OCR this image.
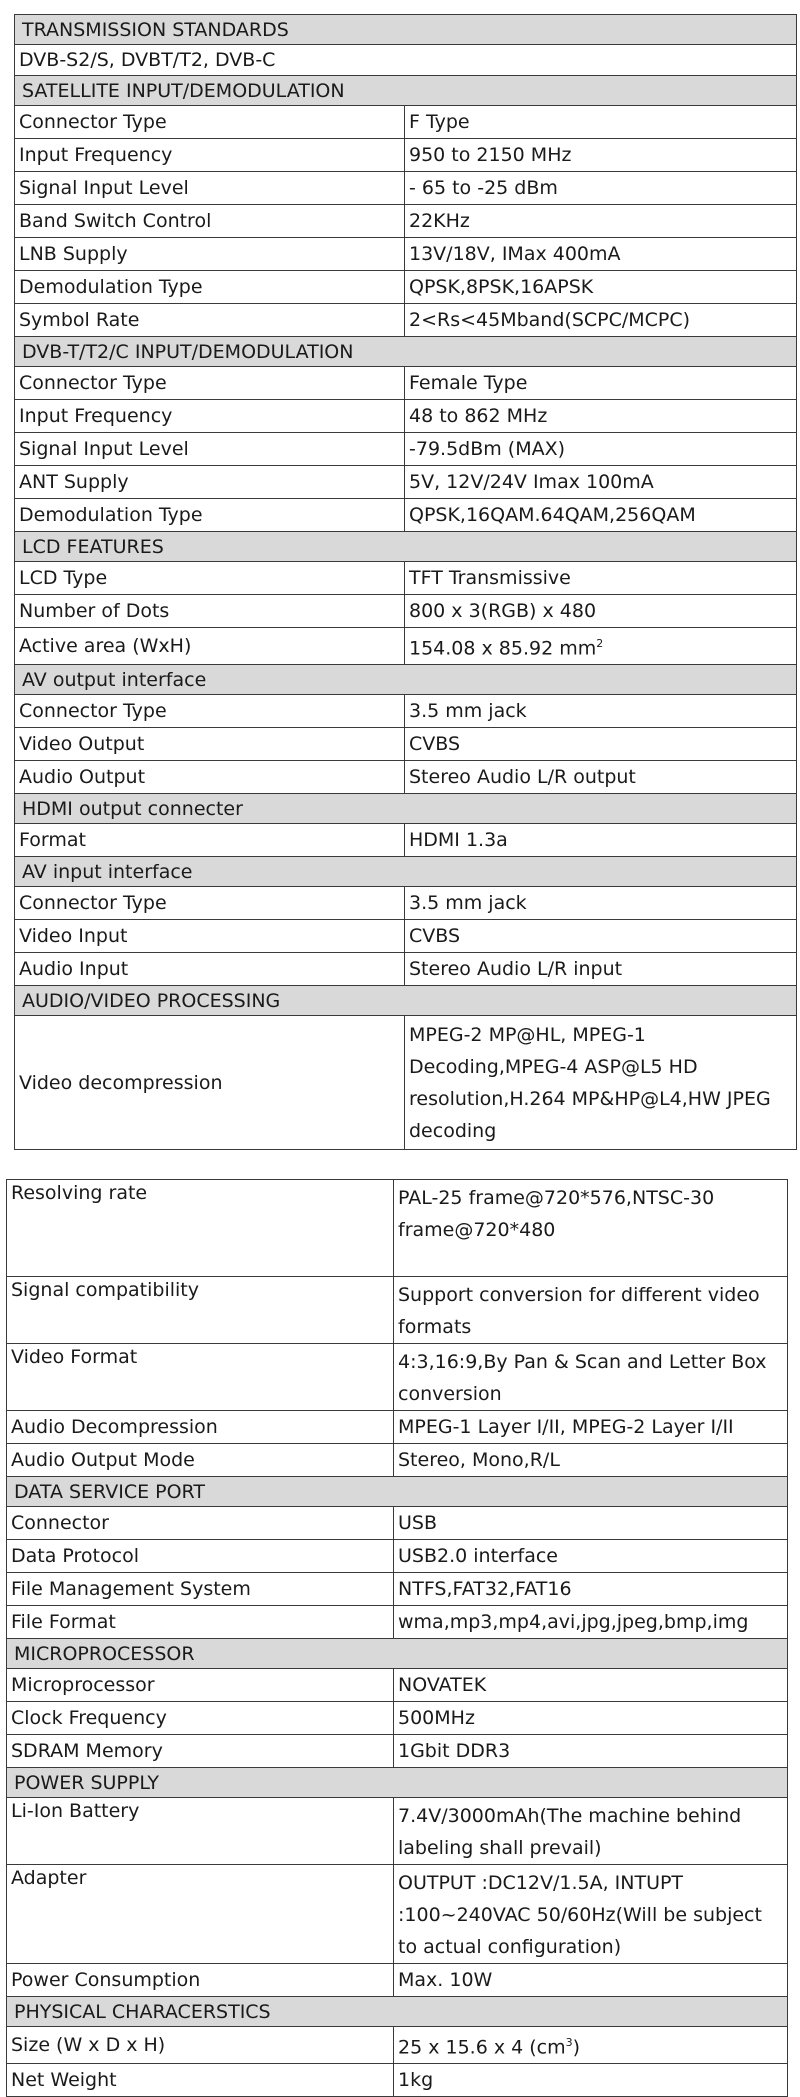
TRANSMISSION STANDARDS	
DVB-S2/S, DVBT/T2, DVB-C	
SATELLITE INPUT/DEMODULATION	
Connector Type	F Type
Input Frequency	950 to 2150 MHz
Signal Input Level	- 65 to -25 dBm
Band Switch Control	22KHz
LNB Supply	13V/18V, IMax 400mA
Demodulation Type	QPSK,8PSK,16APSK
Symbol Rate	2<Rs<45Mband(SCPC/MCPC)
DVB-T/T2/C INPUT/DEMODULATION	
Connector Type	Female Type
Input Frequency	48 to 862 MHz
Signal Input Level	-79.5dBm (MAX)
ANT Supply	5V, 12V/24V Imax 100mA
Demodulation Type	QPSK,16QAM.64QAM,256QAM
LCD FEATURES	
LCD Type	TFT Transmissive
Number of Dots	800 x 3(RGB) x 480
Active area (WxH)	154.08 x 85.92 $mm^2$
AV output interface	
Connector Type	3.5 mm jack
Video Output	CVBS
Audio Output	Stereo Audio L/R output
HDMI output connecter	
Format	HDMI 1.3a
AV input interface	
Connector Type	3.5 mm jack
Video Input	CVBS
Audio Input	Stereo Audio L/R input
AUDIO/VIDEO PROCESSING	
Video decompression	MPEG-2 MP@HL, MPEG-1 Decoding,MPEG-4 ASP@L5 HD resolution,H.264 MP&HP@L4,HW JPEG decoding
Resolving rate	PAL-25 frame@720*576,NTSC-30 frame@720*480
Signal compatibility	Support conversion for different video formats
Video Format	4:3,16:9,By Pan & Scan and Letter Box conversion
Audio Decompression	MPEG-1 Layer I/II, MPEG-2 Layer I/II
Audio Output Mode	Stereo, Mono,R/L
DATA SERVICE PORT	
Connector	USB
Data Protocol	USB2.0 interface
File Management System	NTFS,FAT32,FAT16
File Format	wma,mp3,mp4,avi,jpg,jpeg,bmp,img
MICROPROCESSOR	
Microprocessor	NOVATEK
Clock Frequency	500MHz
SDRAM Memory	1Gbit DDR3
POWER SUPPLY	
Li-Ion Battery	7.4V/3000mAh(The machine behind labeling shall prevail)
Adapter	OUTPUT :DC12V/1.5A, INTUPT :100~240VAC 50/60Hz(Will be subject to actual configuration)
Power Consumption	Max. 10W
PHYSICAL CHARACERSTICS	
Size (W x D x H)	25 x 15.6 x 4 $(cm^3)$
Net Weight	1kg
